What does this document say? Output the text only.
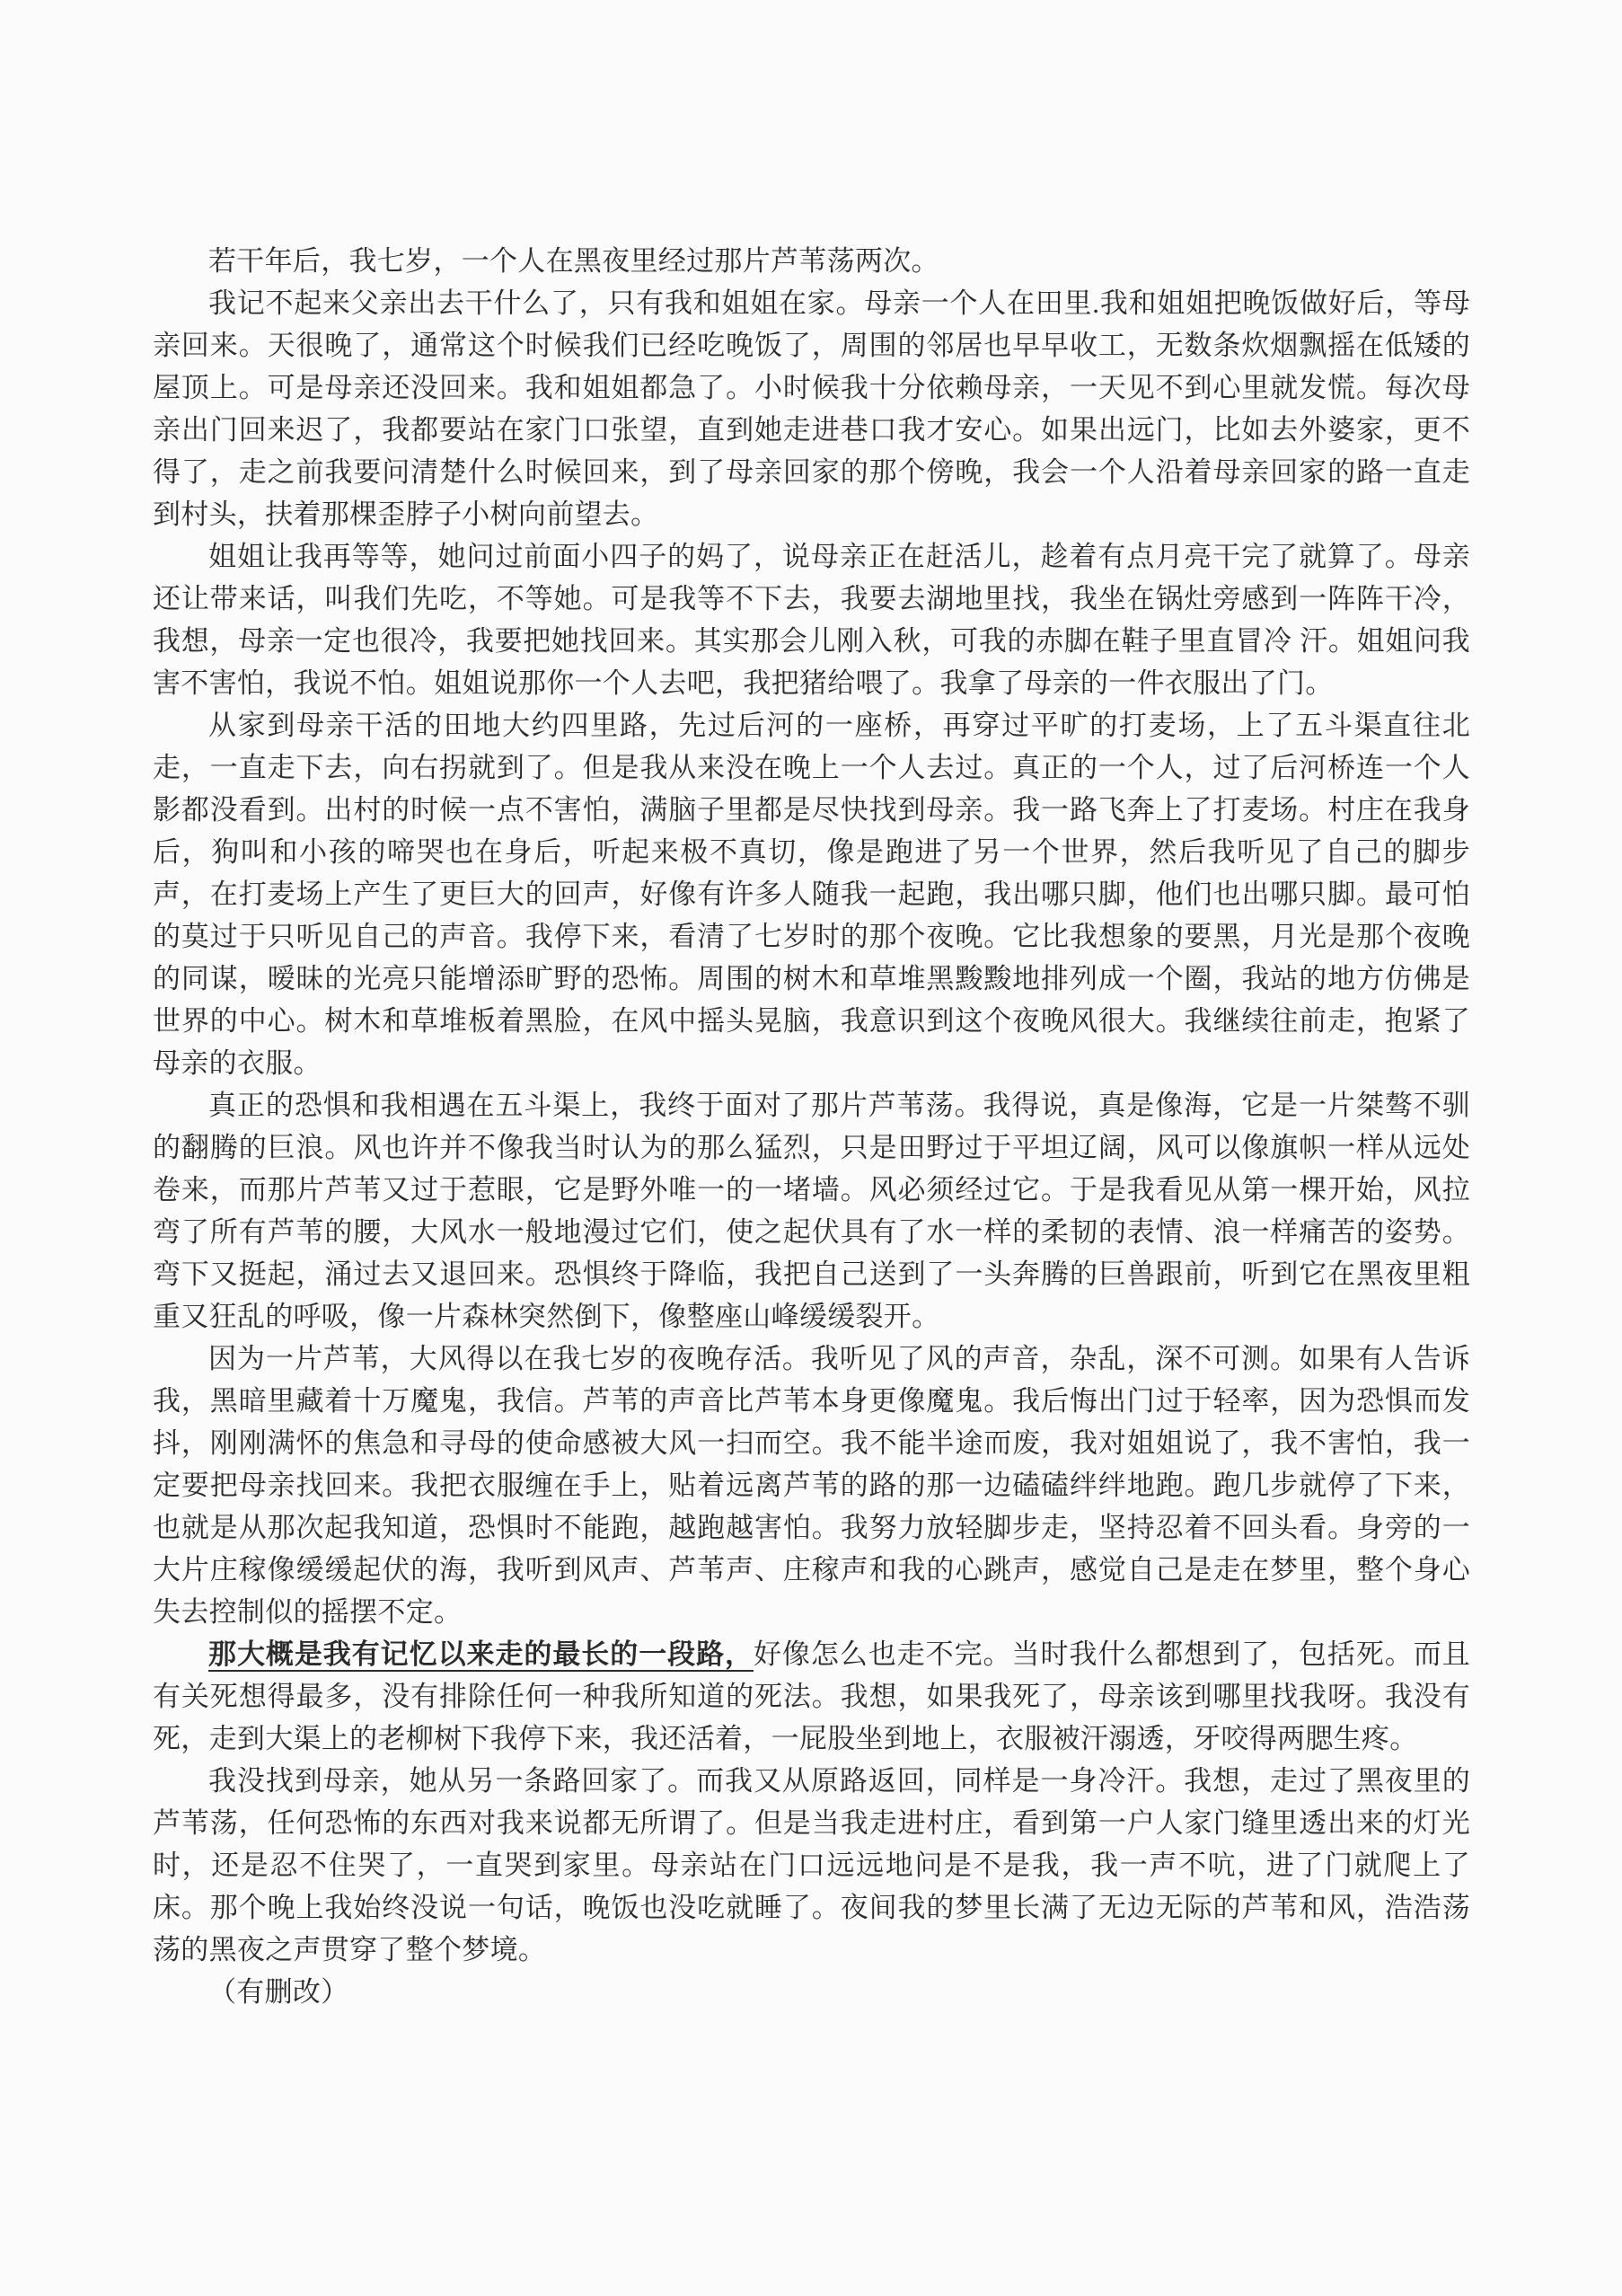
若干年后，我七岁，一个人在黑夜里经过那片芦苇荡两次。

我记不起来父亲出去干什么了，只有我和姐姐在家。母亲一个人在田里.我和姐姐把晚饭做好后，等母亲回来。天很晚了，通常这个时候我们已经吃晚饭了，周围的邻居也早早收工，无数条炊烟飘摇在低矮的屋顶上。可是母亲还没回来。我和姐姐都急了。小时候我十分依赖母亲，一天见不到心里就发慌。每次母亲出门回来迟了，我都要站在家门口张望，直到她走进巷口我才安心。如果出远门，比如去外婆家，更不得了，走之前我要问清楚什么时候回来，到了母亲回家的那个傍晚，我会一个人沿着母亲回家的路一直走到村头，扶着那棵歪脖子小树向前望去。

姐姐让我再等等，她问过前面小四子的妈了，说母亲正在赶活儿，趁着有点月亮干完了就算了。母亲还让带来话，叫我们先吃，不等她。可是我等不下去，我要去湖地里找，我坐在锅灶旁感到一阵阵干冷，我想，母亲一定也很冷，我要把她找回来。其实那会儿刚入秋，可我的赤脚在鞋子里直冒冷 汗。姐姐问我害不害怕，我说不怕。姐姐说那你一个人去吧，我把猪给喂了。我拿了母亲的一件衣服出了门。

从家到母亲干活的田地大约四里路，先过后河的一座桥，再穿过平旷的打麦场，上了五斗渠直往北走，一直走下去，向右拐就到了。但是我从来没在晚上一个人去过。真正的一个人，过了后河桥连一个人影都没看到。出村的时候一点不害怕，满脑子里都是尽快找到母亲。我一路飞奔上了打麦场。村庄在我身后，狗叫和小孩的啼哭也在身后，听起来极不真切，像是跑进了另一个世界，然后我听见了自己的脚步声，在打麦场上产生了更巨大的回声，好像有许多人随我一起跑，我出哪只脚，他们也出哪只脚。最可怕的莫过于只听见自己的声音。我停下来，看清了七岁时的那个夜晚。它比我想象的要黑，月光是那个夜晚的同谋，暧昧的光亮只能增添旷野的恐怖。周围的树木和草堆黑黢黢地排列成一个圈，我站的地方仿佛是世界的中心。树木和草堆板着黑脸，在风中摇头晃脑，我意识到这个夜晚风很大。我继续往前走，抱紧了母亲的衣服。

真正的恐惧和我相遇在五斗渠上，我终于面对了那片芦苇荡。我得说，真是像海，它是一片桀骜不驯的翻腾的巨浪。风也许并不像我当时认为的那么猛烈，只是田野过于平坦辽阔，风可以像旗帜一样从远处卷来，而那片芦苇又过于惹眼，它是野外唯一的一堵墙。风必须经过它。于是我看见从第一棵开始，风拉弯了所有芦苇的腰，大风水一般地漫过它们，使之起伏具有了水一样的柔韧的表情、浪一样痛苦的姿势。弯下又挺起，涌过去又退回来。恐惧终于降临，我把自己送到了一头奔腾的巨兽跟前，听到它在黑夜里粗重又狂乱的呼吸，像一片森林突然倒下，像整座山峰缓缓裂开。

因为一片芦苇，大风得以在我七岁的夜晚存活。我听见了风的声音，杂乱，深不可测。如果有人告诉我，黑暗里藏着十万魔鬼，我信。芦苇的声音比芦苇本身更像魔鬼。我后悔出门过于轻率，因为恐惧而发抖，刚刚满怀的焦急和寻母的使命感被大风一扫而空。我不能半途而废，我对姐姐说了，我不害怕，我一定要把母亲找回来。我把衣服缠在手上，贴着远离芦苇的路的那一边磕磕绊绊地跑。跑几步就停了下来，也就是从那次起我知道，恐惧时不能跑，越跑越害怕。我努力放轻脚步走，坚持忍着不回头看。身旁的一大片庄稼像缓缓起伏的海，我听到风声、芦苇声、庄稼声和我的心跳声，感觉自己是走在梦里，整个身心失去控制似的摇摆不定。

那大概是我有记忆以来走的最长的一段路，好像怎么也走不完。当时我什么都想到了，包括死。而且有关死想得最多，没有排除任何一种我所知道的死法。我想，如果我死了，母亲该到哪里找我呀。我没有死，走到大渠上的老柳树下我停下来，我还活着，一屁股坐到地上，衣服被汗溺透，牙咬得两腮生疼。

我没找到母亲，她从另一条路回家了。而我又从原路返回，同样是一身冷汗。我想，走过了黑夜里的芦苇荡，任何恐怖的东西对我来说都无所谓了。但是当我走进村庄，看到第一户人家门缝里透出来的灯光时，还是忍不住哭了，一直哭到家里。母亲站在门口远远地问是不是我，我一声不吭，进了门就爬上了床。那个晚上我始终没说一句话，晚饭也没吃就睡了。夜间我的梦里长满了无边无际的芦苇和风，浩浩荡荡的黑夜之声贯穿了整个梦境。

（有删改）
